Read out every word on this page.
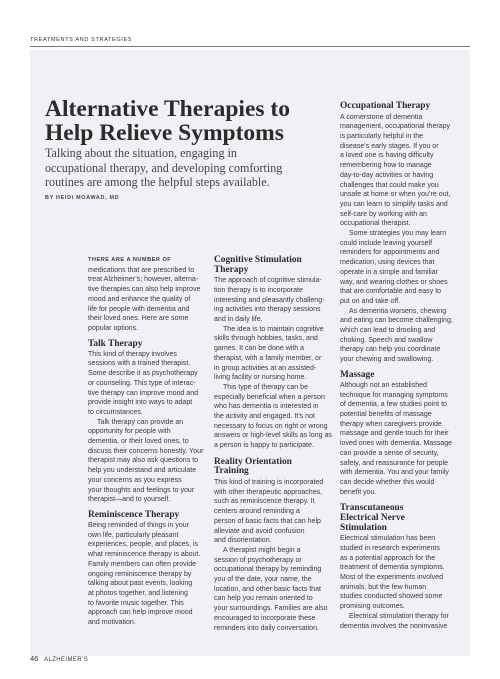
TREATMENTS AND STRATEGIES
Alternative Therapies to
Help Relieve Symptoms

Talking about the situation, engaging in
occupational therapy, and developing comforting
routines are among the helpful steps available.

BY HEIDI MOAWAD, MD
THERE ARE A NUMBER OF

medications that are prescribed to
treat Alzheimer’s; however, alterna-
tive therapies can also help improve
mood and enhance the quality of
life for people with dementia and
their loved ones. Here are some
popular options.

Talk Therapy

This kind of therapy involves
sessions with a trained therapist.
Some describe it as psychotherapy
or counseling. This type of interac-
tive therapy can improve mood and
provide insight into ways to adapt
to circumstances.

Talk therapy can provide an
opportunity for people with
dementia, or their loved ones, to
discuss their concerns honestly. Your
therapist may also ask questions to
help you understand and articulate
your concerns as you express
your thoughts and feelings to your
therapist—and to yourself.

Reminiscence Therapy

Being reminded of things in your
own life, particularly pleasant
experiences, people, and places, is
what reminiscence therapy is about.
Family members can often provide
ongoing reminiscence therapy by
talking about past events, looking
at photos together, and listening
to favorite music together. This
approach can help improve mood
and motivation.

Cognitive Stimulation
Therapy

The approach of cognitive stimula-
tion therapy is to incorporate
interesting and pleasantly challeng-
ing activities into therapy sessions
and in daily life.

The idea is to maintain cognitive
skills through hobbies, tasks, and
games. It can be done with a
therapist, with a family member, or
in group activities at an assisted-
living facility or nursing home.

This type of therapy can be
especially beneficial when a person
who has dementia is interested in
the activity and engaged. It’s not
necessary to focus on right or wrong
answers or high-level skills as long as
a person is happy to participate.

Reality Orientation
Training

This kind of training is incorporated
with other therapeutic approaches,
such as reminiscence therapy. It
centers around reminding a
person of basic facts that can help
alleviate and avoid confusion
and disorientation.

A therapist might begin a
session of psychotherapy or
occupational therapy by reminding
you of the date, your name, the
location, and other basic facts that
can help you remain oriented to
your surroundings. Families are also
encouraged to incorporate these
reminders into daily conversation.

Occupational Therapy

A cornerstone of dementia
management, occupational therapy
is particularly helpful in the
disease’s early stages. If you or
a loved one is having difficulty
remembering how to manage
day-to-day activities or having
challenges that could make you
unsafe at home or when you’re out,
you can learn to simplify tasks and
self-care by working with an
occupational therapist.

Some strategies you may learn
could include leaving yourself
reminders for appointments and
medication, using devices that
operate in a simple and familiar
way, and wearing clothes or shoes
that are comfortable and easy to
put on and take off.

As dementia worsens, chewing
and eating can become challenging,
which can lead to drooling and
choking. Speech and swallow
therapy can help you coordinate
your chewing and swallowing.

Massage

Although not an established
technique for managing symptoms
of dementia, a few studies point to
potential benefits of massage
therapy when caregivers provide
massage and gentle touch for their
loved ones with dementia. Massage
can provide a sense of security,
safety, and reassurance for people
with dementia. You and your family
can decide whether this would
benefit you.

Transcutaneous
Electrical Nerve
Stimulation

Electrical stimulation has been
studied in research experiments
as a potential approach for the
treatment of dementia symptoms.
Most of the experiments involved
animals, but the few human
studies conducted showed some
promising outcomes.

Electrical stimulation therapy for
dementia involves the noninvasive

46 ALZHEIMER’S
